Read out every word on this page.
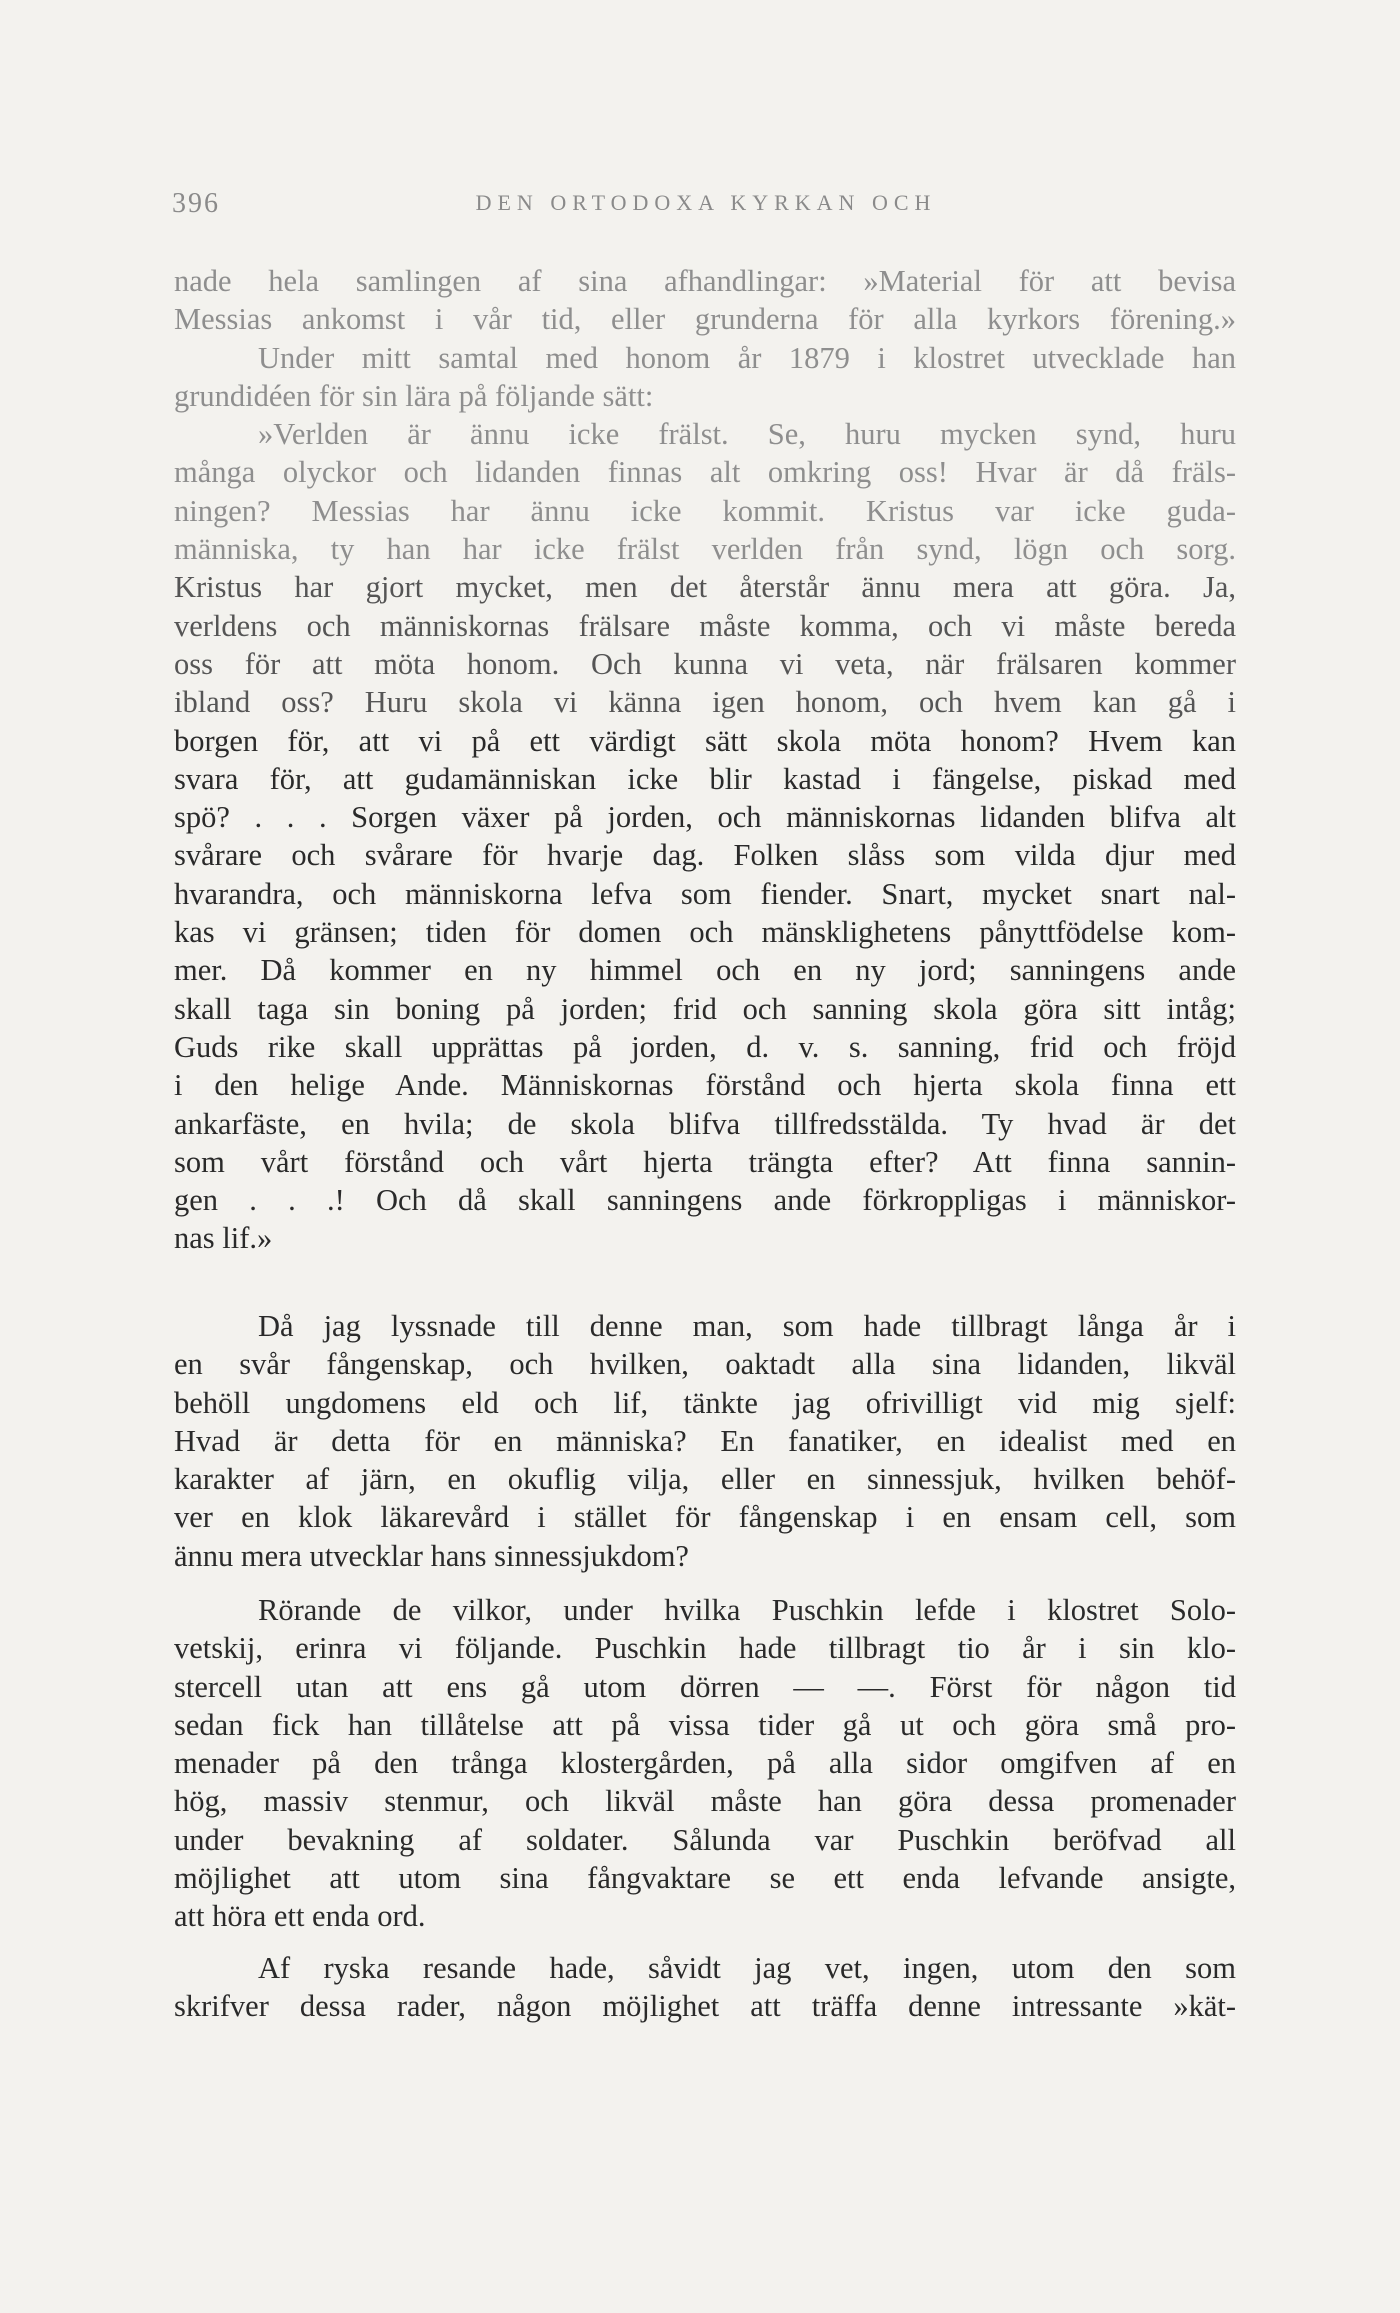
396	DEN ORTODOXA KYRKAN OCH
nade hela samlingen af sina afhandlingar: »Material för att bevisa
Messias ankomst i vår tid, eller grunderna för alla kyrkors förening.»
Under mitt samtal med honom år 1879 i klostret utvecklade han
grundidéen för sin lära på följande sätt:
»Verlden är ännu icke frälst. Se, huru mycken synd, huru
många olyckor och lidanden finnas alt omkring oss! Hvar är då fräls-
ningen? Messias har ännu icke kommit. Kristus var icke guda-
människa, ty han har icke frälst verlden från synd, lögn och sorg.
Kristus har gjort mycket, men det återstår ännu mera att göra. Ja,
verldens och människornas frälsare måste komma, och vi måste bereda
oss för att möta honom. Och kunna vi veta, när frälsaren kommer
ibland oss? Huru skola vi känna igen honom, och hvem kan gå i
borgen för, att vi på ett värdigt sätt skola möta honom? Hvem kan
svara för, att gudamänniskan icke blir kastad i fängelse, piskad med
spö? . . . Sorgen växer på jorden, och människornas lidanden blifva alt
svårare och svårare för hvarje dag. Folken slåss som vilda djur med
hvarandra, och människorna lefva som fiender. Snart, mycket snart nal-
kas vi gränsen; tiden för domen och mänsklighetens pånyttfödelse kom-
mer. Då kommer en ny himmel och en ny jord; sanningens ande
skall taga sin boning på jorden; frid och sanning skola göra sitt intåg;
Guds rike skall upprättas på jorden, d. v. s. sanning, frid och fröjd
i den helige Ande. Människornas förstånd och hjerta skola finna ett
ankarfäste, en hvila; de skola blifva tillfredsstälda. Ty hvad är det
som vårt förstånd och vårt hjerta trängta efter? Att finna sannin-
gen . . .! Och då skall sanningens ande förkroppligas i människor-
nas lif.»
Då jag lyssnade till denne man, som hade tillbragt långa år i
en svår fångenskap, och hvilken, oaktadt alla sina lidanden, likväl
behöll ungdomens eld och lif, tänkte jag ofrivilligt vid mig sjelf:
Hvad är detta för en människa? En fanatiker, en idealist med en
karakter af järn, en okuflig vilja, eller en sinnessjuk, hvilken behöf-
ver en klok läkarevård i stället för fångenskap i en ensam cell, som
ännu mera utvecklar hans sinnessjukdom?
Rörande de vilkor, under hvilka Puschkin lefde i klostret Solo-
vetskij, erinra vi följande. Puschkin hade tillbragt tio år i sin klo-
stercell utan att ens gå utom dörren — —. Först för någon tid
sedan fick han tillåtelse att på vissa tider gå ut och göra små pro-
menader på den trånga klostergården, på alla sidor omgifven af en
hög, massiv stenmur, och likväl måste han göra dessa promenader
under bevakning af soldater. Sålunda var Puschkin beröfvad all
möjlighet att utom sina fångvaktare se ett enda lefvande ansigte,
att höra ett enda ord.
Af ryska resande hade, såvidt jag vet, ingen, utom den som
skrifver dessa rader, någon möjlighet att träffa denne intressante »kät-
